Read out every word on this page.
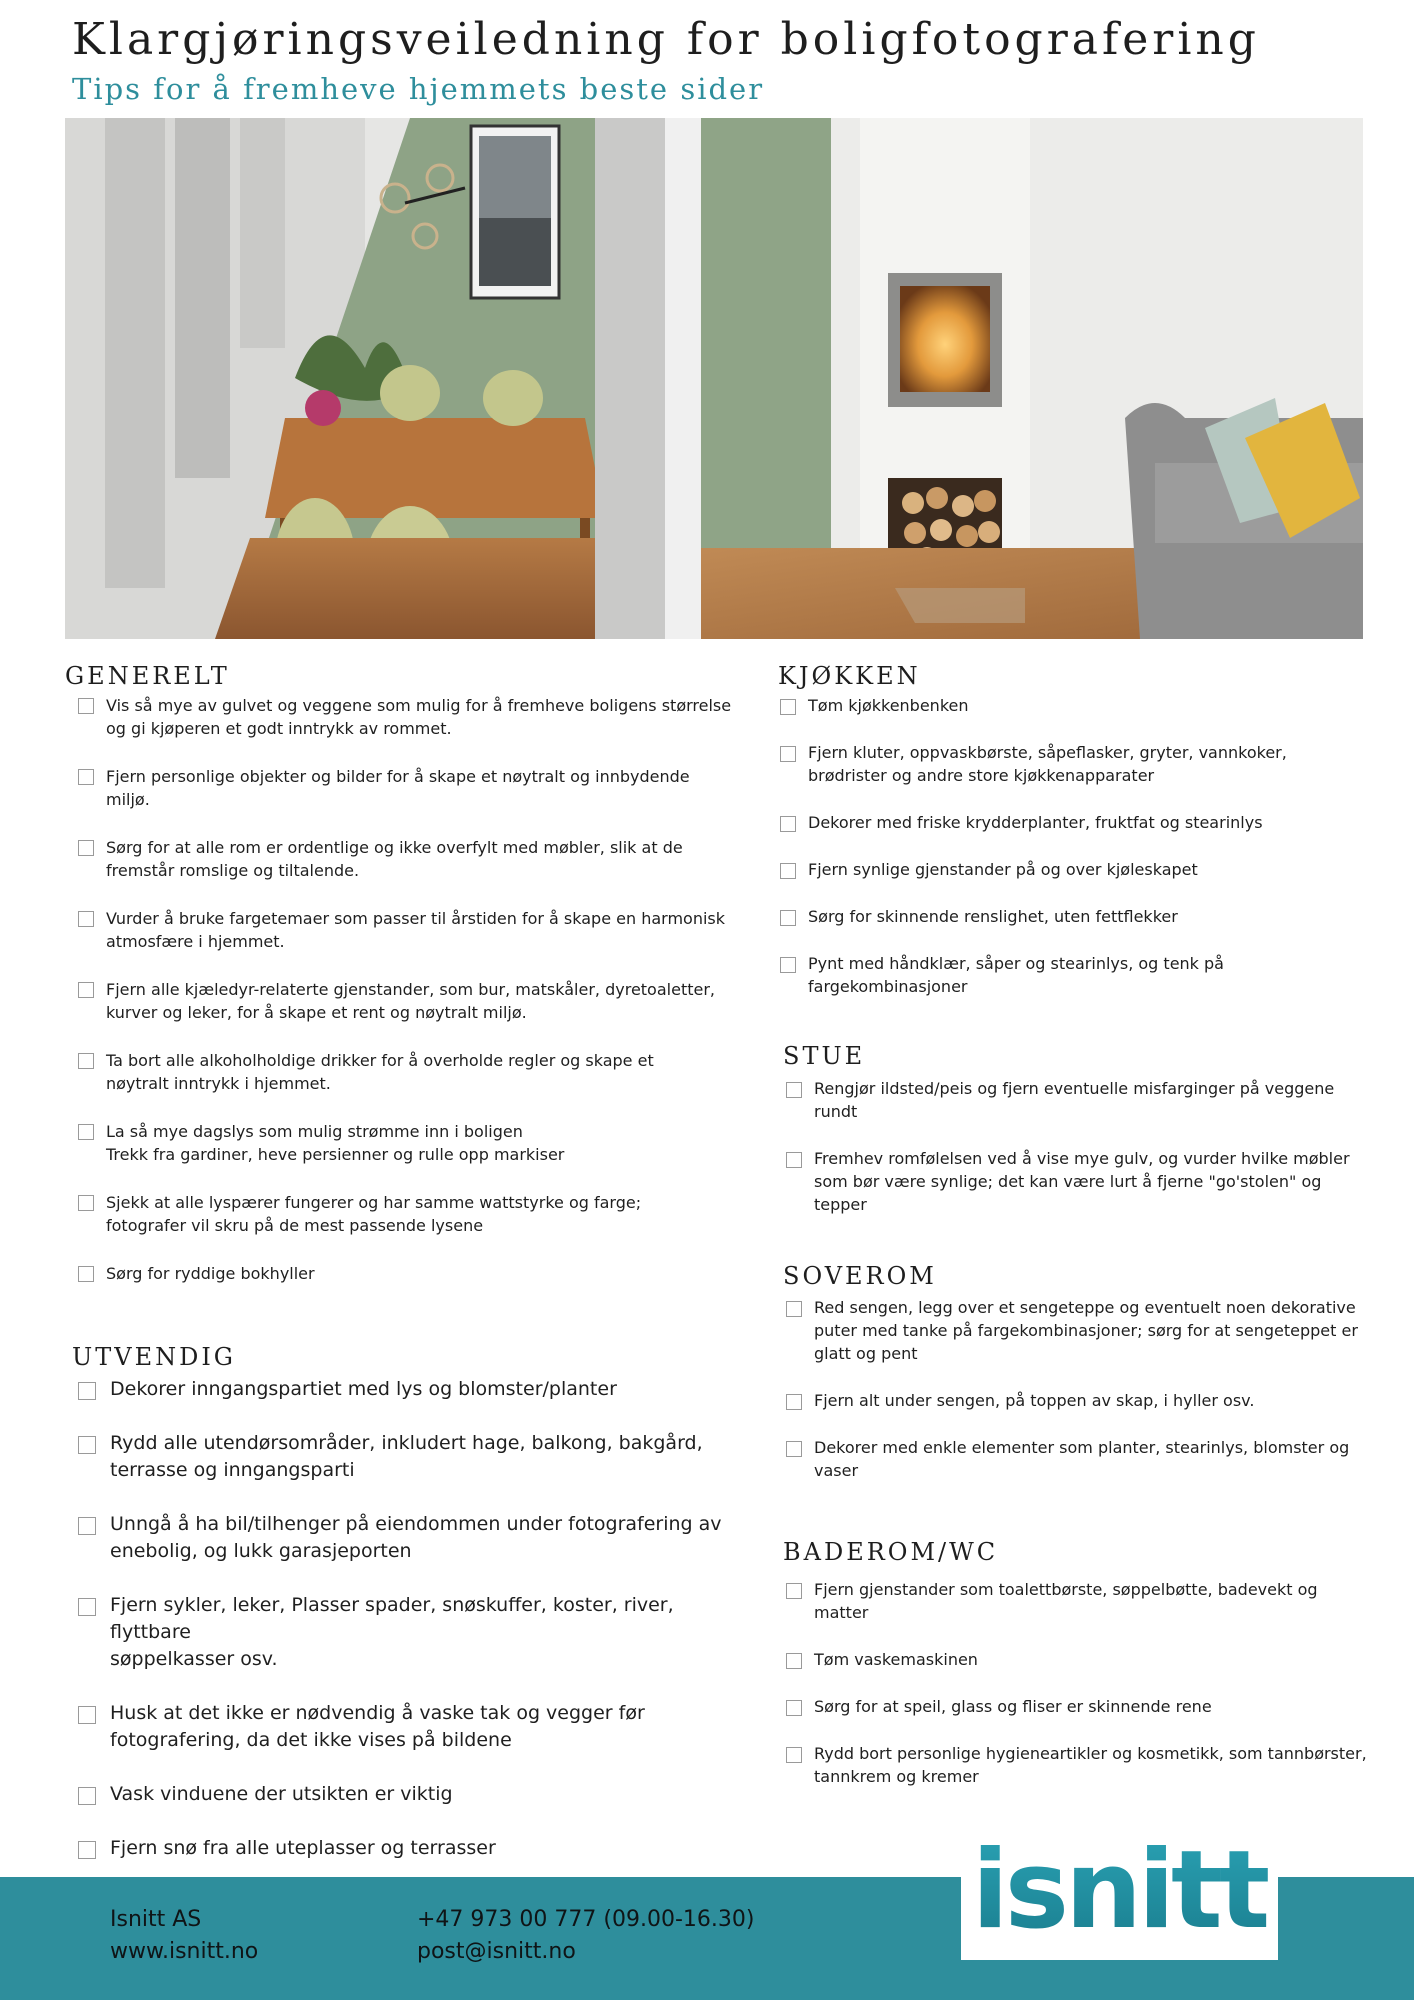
Klargjøringsveiledning for boligfotografering
Tips for å fremheve hjemmets beste sider
GENERELT
Vis så mye av gulvet og veggene som mulig for å fremheve boligens størrelse
og gi kjøperen et godt inntrykk av rommet.
Fjern personlige objekter og bilder for å skape et nøytralt og innbydende
miljø.
Sørg for at alle rom er ordentlige og ikke overfylt med møbler, slik at de
fremstår romslige og tiltalende.
Vurder å bruke fargetemaer som passer til årstiden for å skape en harmonisk
atmosfære i hjemmet.
Fjern alle kjæledyr-relaterte gjenstander, som bur, matskåler, dyretoaletter,
kurver og leker, for å skape et rent og nøytralt miljø.
Ta bort alle alkoholholdige drikker for å overholde regler og skape et
nøytralt inntrykk i hjemmet.
La så mye dagslys som mulig strømme inn i boligen
Trekk fra gardiner, heve persienner og rulle opp markiser
Sjekk at alle lyspærer fungerer og har samme wattstyrke og farge;
fotografer vil skru på de mest passende lysene
Sørg for ryddige bokhyller
UTVENDIG
Dekorer inngangspartiet med lys og blomster/planter
Rydd alle utendørsområder, inkludert hage, balkong, bakgård,
terrasse og inngangsparti
Unngå å ha bil/tilhenger på eiendommen under fotografering av
enebolig, og lukk garasjeporten
Fjern sykler, leker, Plasser spader, snøskuffer, koster, river, flyttbare
søppelkasser osv.
Husk at det ikke er nødvendig å vaske tak og vegger før
fotografering, da det ikke vises på bildene
Vask vinduene der utsikten er viktig
Fjern snø fra alle uteplasser og terrasser
KJØKKEN
Tøm kjøkkenbenken
Fjern kluter, oppvaskbørste, såpeflasker, gryter, vannkoker,
brødrister og andre store kjøkkenapparater
Dekorer med friske krydderplanter, fruktfat og stearinlys
Fjern synlige gjenstander på og over kjøleskapet
Sørg for skinnende renslighet, uten fettflekker
Pynt med håndklær, såper og stearinlys, og tenk på
fargekombinasjoner
STUE
Rengjør ildsted/peis og fjern eventuelle misfarginger på veggene
rundt
Fremhev romfølelsen ved å vise mye gulv, og vurder hvilke møbler
som bør være synlige; det kan være lurt å fjerne "go'stolen" og
tepper
SOVEROM
Red sengen, legg over et sengeteppe og eventuelt noen dekorative
puter med tanke på fargekombinasjoner; sørg for at sengeteppet er
glatt og pent
Fjern alt under sengen, på toppen av skap, i hyller osv.
Dekorer med enkle elementer som planter, stearinlys, blomster og
vaser
BADEROM/WC
Fjern gjenstander som toalettbørste, søppelbøtte, badevekt og
matter
Tøm vaskemaskinen
Sørg for at speil, glass og fliser er skinnende rene
Rydd bort personlige hygieneartikler og kosmetikk, som tannbørster,
tannkrem og kremer

Isnitt AS

www.isnitt.no

+47 973 00 777 (09.00-16.30)

post@isnitt.no	isnitt
